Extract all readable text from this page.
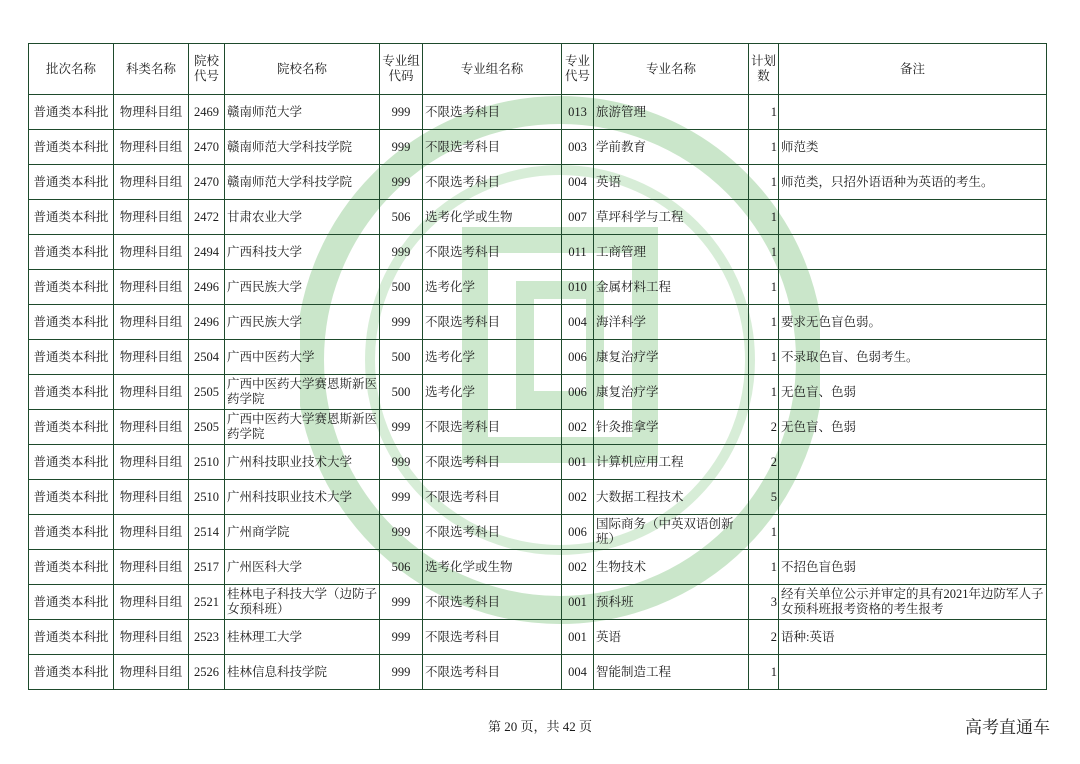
批次名称	科类名称	院校代号	院校名称	专业组代码	专业组名称	专业代号	专业名称	计划数	备注
普通类本科批	物理科目组	2469	赣南师范大学	999	不限选考科目	013	旅游管理	1	
普通类本科批	物理科目组	2470	赣南师范大学科技学院	999	不限选考科目	003	学前教育	1	师范类
普通类本科批	物理科目组	2470	赣南师范大学科技学院	999	不限选考科目	004	英语	1	师范类，只招外语语种为英语的考生。
普通类本科批	物理科目组	2472	甘肃农业大学	506	选考化学或生物	007	草坪科学与工程	1	
普通类本科批	物理科目组	2494	广西科技大学	999	不限选考科目	011	工商管理	1	
普通类本科批	物理科目组	2496	广西民族大学	500	选考化学	010	金属材料工程	1	
普通类本科批	物理科目组	2496	广西民族大学	999	不限选考科目	004	海洋科学	1	要求无色盲色弱。
普通类本科批	物理科目组	2504	广西中医药大学	500	选考化学	006	康复治疗学	1	不录取色盲、色弱考生。
普通类本科批	物理科目组	2505	广西中医药大学赛恩斯新医药学院	500	选考化学	006	康复治疗学	1	无色盲、色弱
普通类本科批	物理科目组	2505	广西中医药大学赛恩斯新医药学院	999	不限选考科目	002	针灸推拿学	2	无色盲、色弱
普通类本科批	物理科目组	2510	广州科技职业技术大学	999	不限选考科目	001	计算机应用工程	2	
普通类本科批	物理科目组	2510	广州科技职业技术大学	999	不限选考科目	002	大数据工程技术	5	
普通类本科批	物理科目组	2514	广州商学院	999	不限选考科目	006	国际商务（中英双语创新班）	1	
普通类本科批	物理科目组	2517	广州医科大学	506	选考化学或生物	002	生物技术	1	不招色盲色弱
普通类本科批	物理科目组	2521	桂林电子科技大学（边防子女预科班）	999	不限选考科目	001	预科班	3	经有关单位公示并审定的具有2021年边防军人子女预科班报考资格的考生报考
普通类本科批	物理科目组	2523	桂林理工大学	999	不限选考科目	001	英语	2	语种:英语
普通类本科批	物理科目组	2526	桂林信息科技学院	999	不限选考科目	004	智能制造工程	1	
第 20 页，共 42 页	高考直通车
